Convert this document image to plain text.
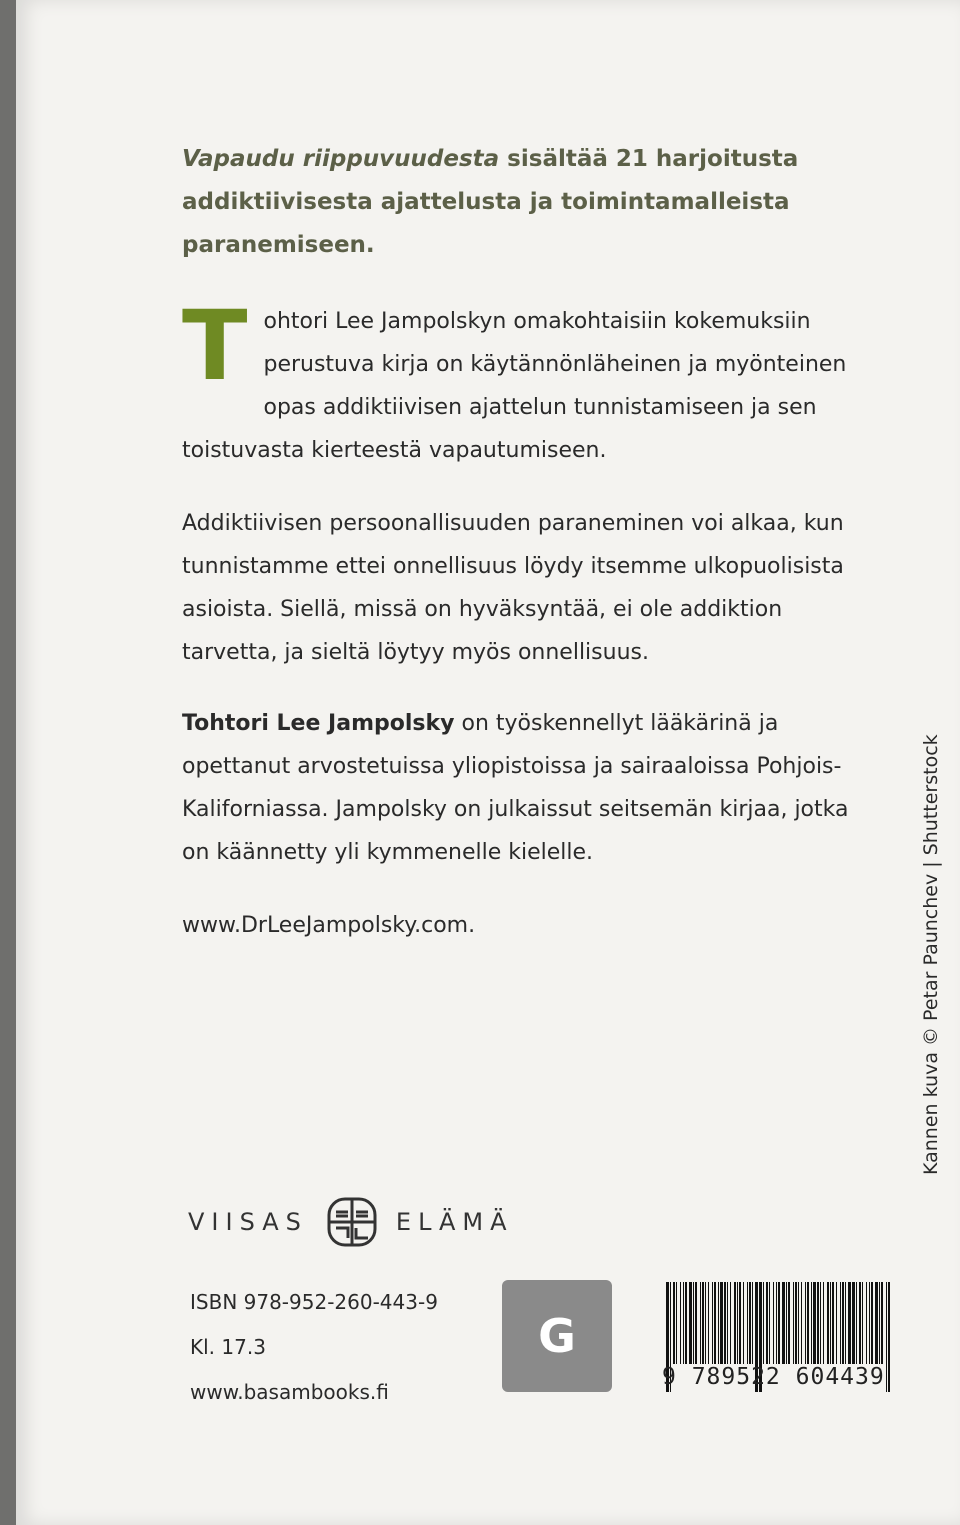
Vapaudu riippuvuudesta sisältää 21 harjoitusta addiktiivisesta ajattelusta ja toimintamalleista paranemiseen.
Tohtori Lee Jampolskyn omakohtaisiin kokemuksiin perustuva kirja on käytännönläheinen ja myönteinen opas addiktiivisen ajattelun tunnistamiseen ja sen toistuvasta kierteestä vapautumiseen.
Addiktiivisen persoonallisuuden paraneminen voi alkaa, kun tunnistamme ettei onnellisuus löydy itsemme ulkopuolisista asioista. Siellä, missä on hyväksyntää, ei ole addiktion tarvetta, ja sieltä löytyy myös onnellisuus.
Tohtori Lee Jampolsky on työskennellyt lääkärinä ja opettanut arvostetuissa yliopistoissa ja sairaaloissa Pohjois-Kaliforniassa. Jampolsky on julkaissut seitsemän kirjaa, jotka on käännetty yli kymmenelle kielelle.
www.DrLeeJampolsky.com.	Kannen kuva © Petar Paunchev | Shutterstock
VIISAS	ELÄMÄ
ISBN 978-952-260-443-9
Kl. 17.3
www.basambooks.fi
G
9 789522 604439
